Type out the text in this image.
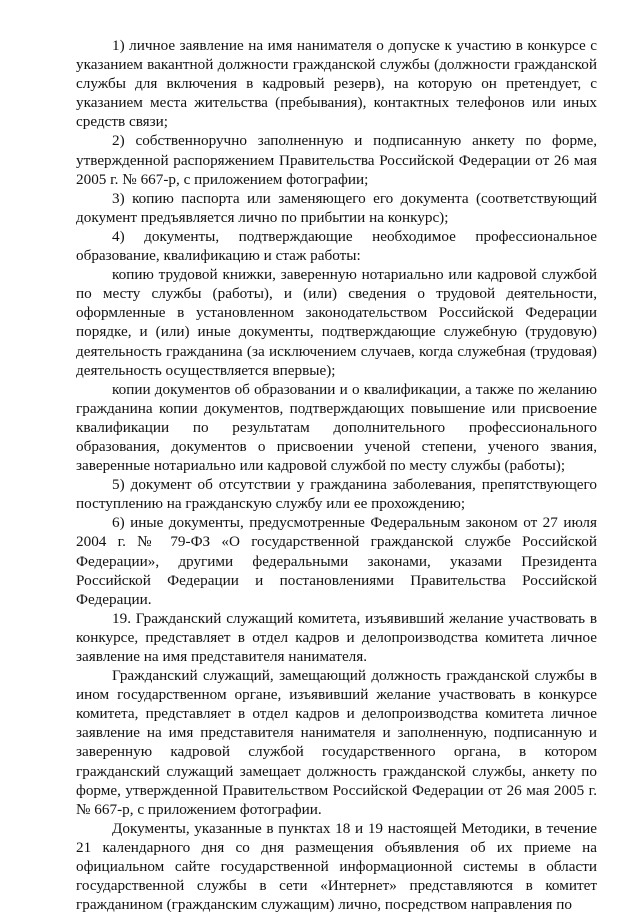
1) личное заявление на имя нанимателя о допуске к участию в конкурсе с указанием вакантной должности гражданской службы (должности гражданской службы для включения в кадровый резерв), на которую он претендует, с указанием места жительства (пребывания), контактных телефонов или иных средств связи;

2) собственноручно заполненную и подписанную анкету по форме, утвержденной распоряжением Правительства Российской Федерации от 26 мая 2005 г. № 667-р, с приложением фотографии;

3) копию паспорта или заменяющего его документа (соответствующий документ предъявляется лично по прибытии на конкурс);

4) документы, подтверждающие необходимое профессиональное образование, квалификацию и стаж работы:

копию трудовой книжки, заверенную нотариально или кадровой службой по месту службы (работы), и (или) сведения о трудовой деятельности, оформленные в установленном законодательством Российской Федерации порядке, и (или) иные документы, подтверждающие служебную (трудовую) деятельность гражданина (за исключением случаев, когда служебная (трудовая) деятельность осуществляется впервые);

копии документов об образовании и о квалификации, а также по желанию гражданина копии документов, подтверждающих повышение или присвоение квалификации по результатам дополнительного профессионального образования, документов о присвоении ученой степени, ученого звания, заверенные нотариально или кадровой службой по месту службы (работы);

5) документ об отсутствии у гражданина заболевания, препятствующего поступлению на гражданскую службу или ее прохождению;

6) иные документы, предусмотренные Федеральным законом от 27 июля 2004 г. № 79-ФЗ «О государственной гражданской службе Российской Федерации», другими федеральными законами, указами Президента Российской Федерации и постановлениями Правительства Российской Федерации.

19. Гражданский служащий комитета, изъявивший желание участвовать в конкурсе, представляет в отдел кадров и делопроизводства комитета личное заявление на имя представителя нанимателя.

Гражданский служащий, замещающий должность гражданской службы в ином государственном органе, изъявивший желание участвовать в конкурсе комитета, представляет в отдел кадров и делопроизводства комитета личное заявление на имя представителя нанимателя и заполненную, подписанную и заверенную кадровой службой государственного органа, в котором гражданский служащий замещает должность гражданской службы, анкету по форме, утвержденной Правительством Российской Федерации от 26 мая 2005 г. № 667-р, с приложением фотографии.

Документы, указанные в пунктах 18 и 19 настоящей Методики, в течение 21 календарного дня со дня размещения объявления об их приеме на официальном сайте государственной информационной системы в области государственной службы в сети «Интернет» представляются в комитет гражданином (гражданским служащим) лично, посредством направления по
